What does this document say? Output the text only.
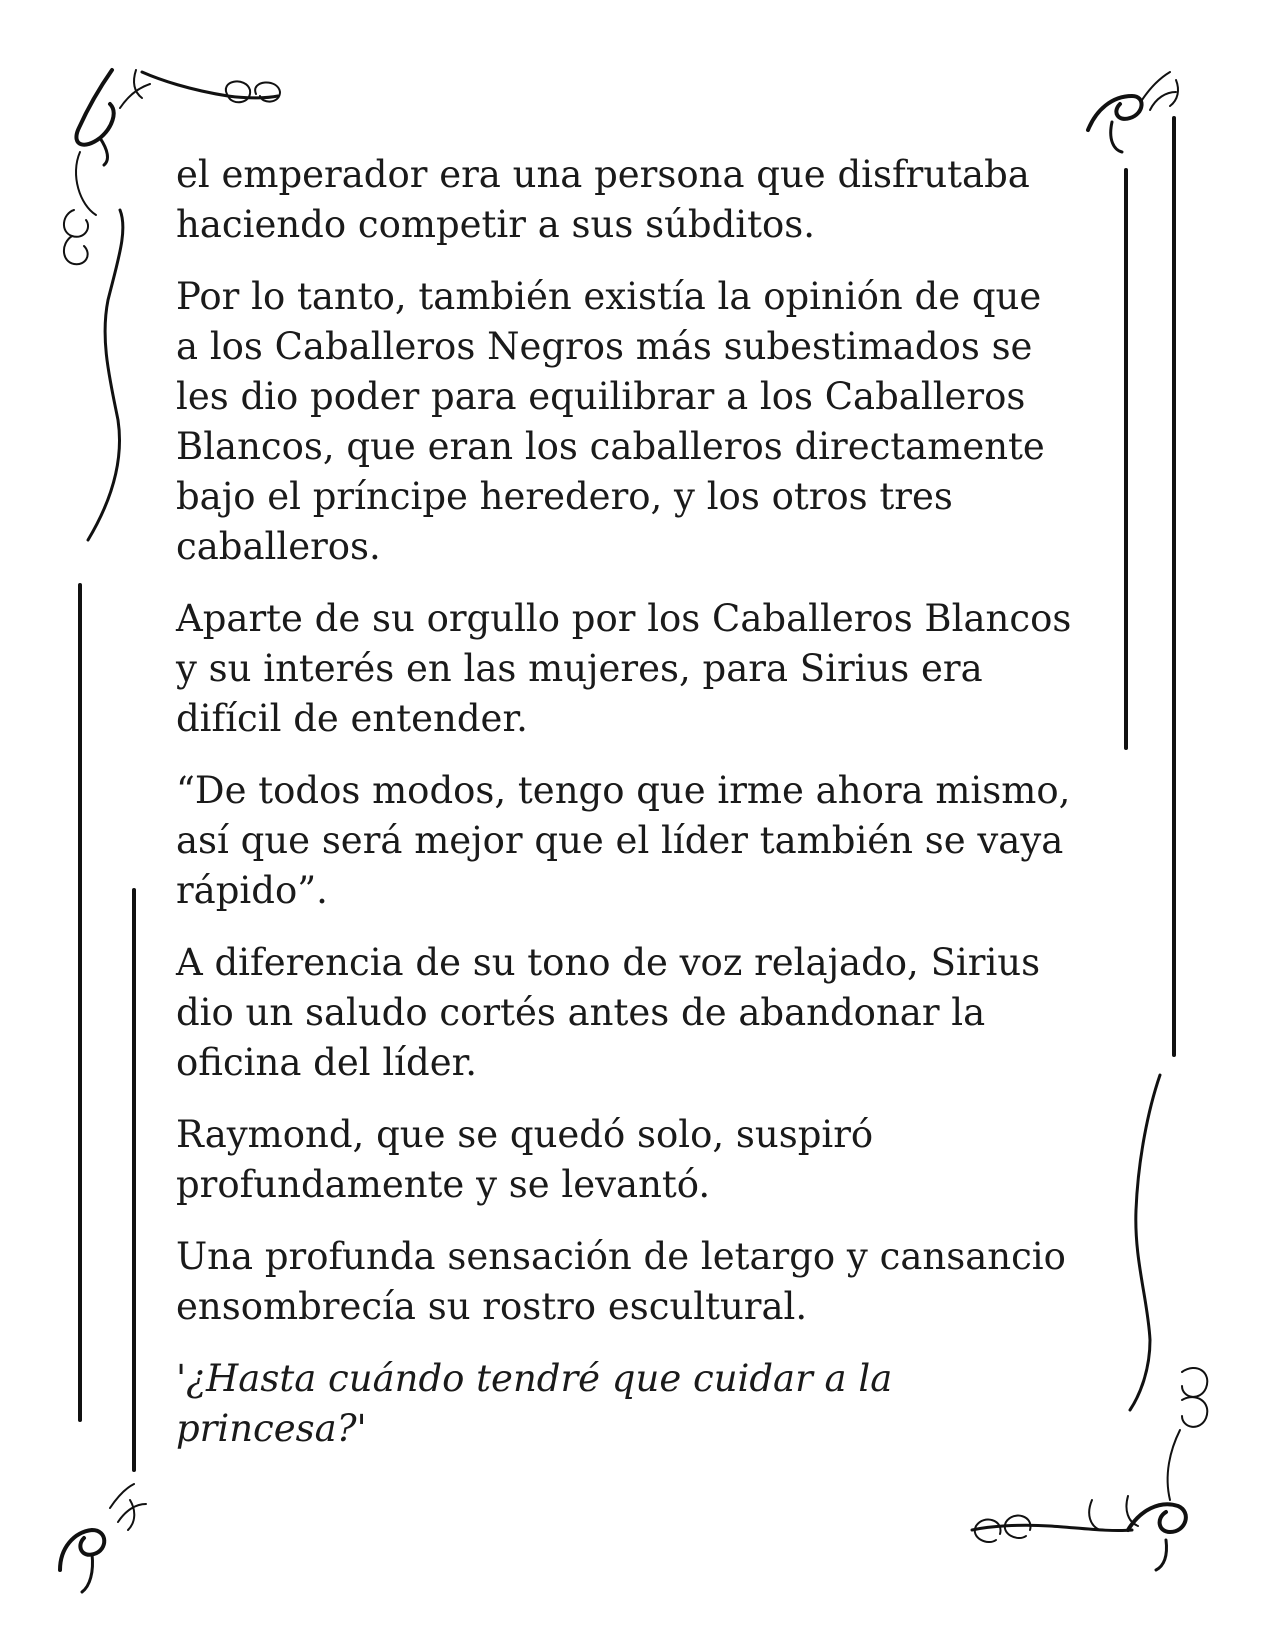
el emperador era una persona que disfrutaba
haciendo competir a sus súbditos.

Por lo tanto, también existía la opinión de que
a los Caballeros Negros más subestimados se
les dio poder para equilibrar a los Caballeros
Blancos, que eran los caballeros directamente
bajo el príncipe heredero, y los otros tres
caballeros.

Aparte de su orgullo por los Caballeros Blancos
y su interés en las mujeres, para Sirius era
difícil de entender.

“De todos modos, tengo que irme ahora mismo,
así que será mejor que el líder también se vaya
rápido”.

A diferencia de su tono de voz relajado, Sirius
dio un saludo cortés antes de abandonar la
oficina del líder.

Raymond, que se quedó solo, suspiró
profundamente y se levantó.

Una profunda sensación de letargo y cansancio
ensombrecía su rostro escultural.

'¿Hasta cuándo tendré que cuidar a la
princesa?'
